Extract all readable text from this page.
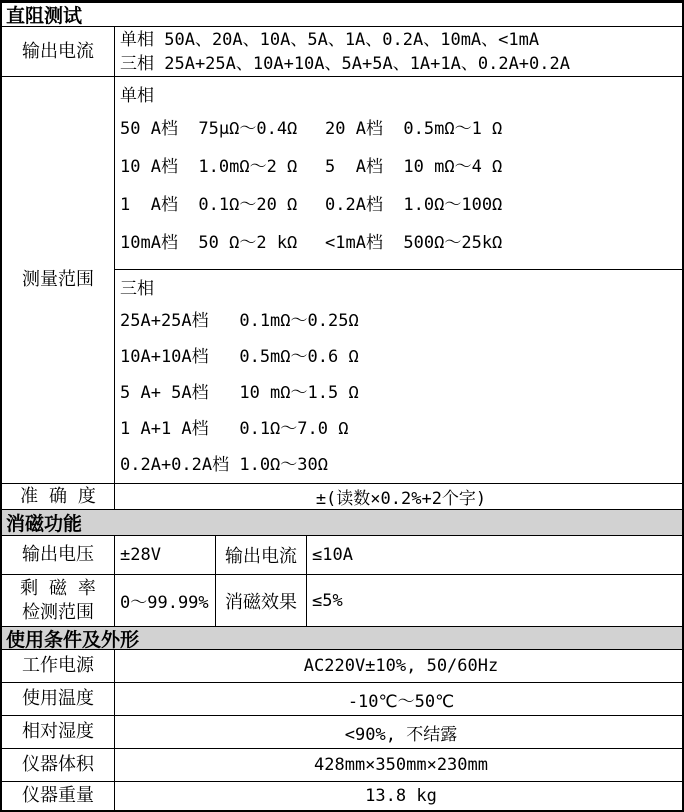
直阻测试
输出电流
单相 50A、20A、10A、5A、1A、0.2A、10mA、<1mA
三相 25A+25A、10A+10A、5A+5A、1A+1A、0.2A+0.2A
测量范围
单相
50 A档  75μΩ～0.4Ω	20 A档  0.5mΩ～1 Ω
10 A档  1.0mΩ～2 Ω	5  A档  10 mΩ～4 Ω
1  A档  0.1Ω～20 Ω	0.2A档  1.0Ω～100Ω
10mA档  50 Ω～2 kΩ	<1mA档  500Ω～25kΩ
三相
25A+25A档   0.1mΩ～0.25Ω
10A+10A档   0.5mΩ～0.6 Ω
5 A+ 5A档   10 mΩ～1.5 Ω
1 A+1 A档   0.1Ω～7.0 Ω
0.2A+0.2A档 1.0Ω～30Ω
准 确 度	±(读数×0.2%+2个字)
消磁功能
输出电压	±28V	输出电流 ≤10A
剩 磁 率
检测范围 0～99.99% 消磁效果 ≤5%
使用条件及外形
工作电源	AC220V±10%, 50/60Hz
使用温度	-10℃～50℃
相对湿度	<90%, 不结露
仪器体积	428mm×350mm×230mm
仪器重量	13.8 kg
